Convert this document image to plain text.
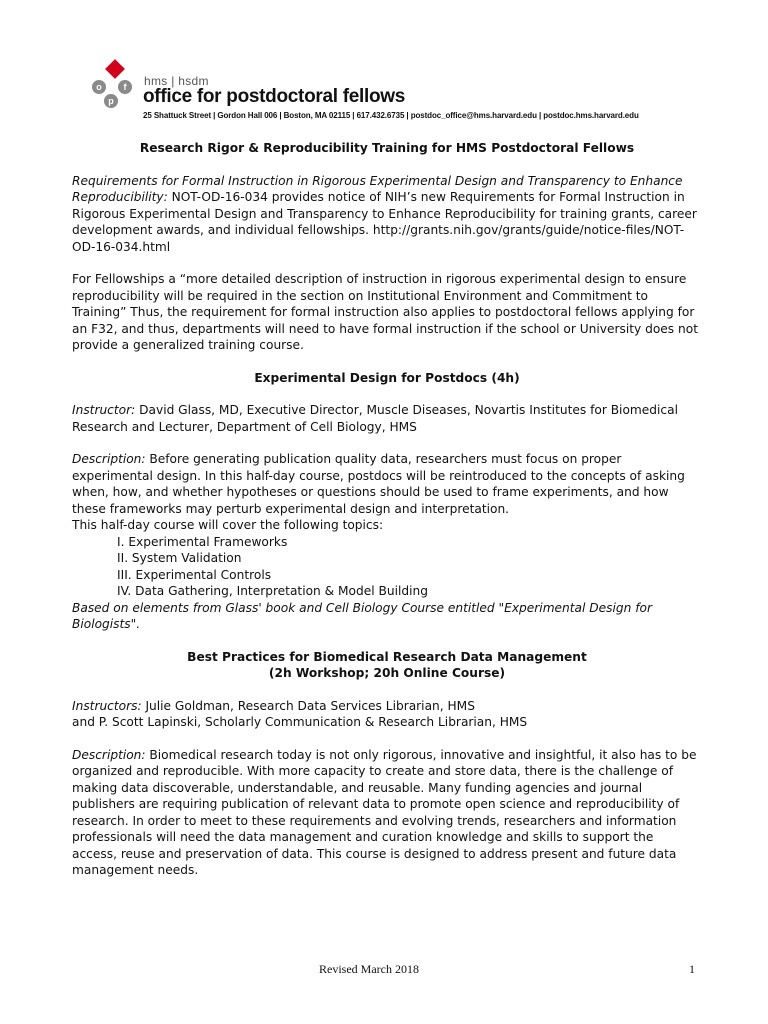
o	f
p
hms | hsdm
office for postdoctoral fellows
25 Shattuck Street | Gordon Hall 006 | Boston, MA 02115 | 617.432.6735 | postdoc_office@hms.harvard.edu | postdoc.hms.harvard.edu

Research Rigor & Reproducibility Training for HMS Postdoctoral Fellows

Requirements for Formal Instruction in Rigorous Experimental Design and Transparency to Enhance Reproducibility: NOT-OD-16-034 provides notice of NIH’s new Requirements for Formal Instruction in Rigorous Experimental Design and Transparency to Enhance Reproducibility for training grants, career development awards, and individual fellowships. http://grants.nih.gov/grants/guide/notice-files/NOT-OD-16-034.html

For Fellowships a “more detailed description of instruction in rigorous experimental design to ensure reproducibility will be required in the section on Institutional Environment and Commitment to Training” Thus, the requirement for formal instruction also applies to postdoctoral fellows applying for an F32, and thus, departments will need to have formal instruction if the school or University does not provide a generalized training course.

Experimental Design for Postdocs (4h)

Instructor: David Glass, MD, Executive Director, Muscle Diseases, Novartis Institutes for Biomedical Research and Lecturer, Department of Cell Biology, HMS

Description: Before generating publication quality data, researchers must focus on proper experimental design. In this half-day course, postdocs will be reintroduced to the concepts of asking when, how, and whether hypotheses or questions should be used to frame experiments, and how these frameworks may perturb experimental design and interpretation.

This half-day course will cover the following topics:

I. Experimental Frameworks
II. System Validation
III. Experimental Controls
IV. Data Gathering, Interpretation & Model Building

Based on elements from Glass' book and Cell Biology Course entitled "Experimental Design for Biologists".

Best Practices for Biomedical Research Data Management

(2h Workshop; 20h Online Course)

Instructors: Julie Goldman, Research Data Services Librarian, HMS

and P. Scott Lapinski, Scholarly Communication & Research Librarian, HMS

Description: Biomedical research today is not only rigorous, innovative and insightful, it also has to be organized and reproducible. With more capacity to create and store data, there is the challenge of making data discoverable, understandable, and reusable. Many funding agencies and journal publishers are requiring publication of relevant data to promote open science and reproducibility of research. In order to meet to these requirements and evolving trends, researchers and information professionals will need the data management and curation knowledge and skills to support the access, reuse and preservation of data. This course is designed to address present and future data management needs.

Revised March 2018	1
